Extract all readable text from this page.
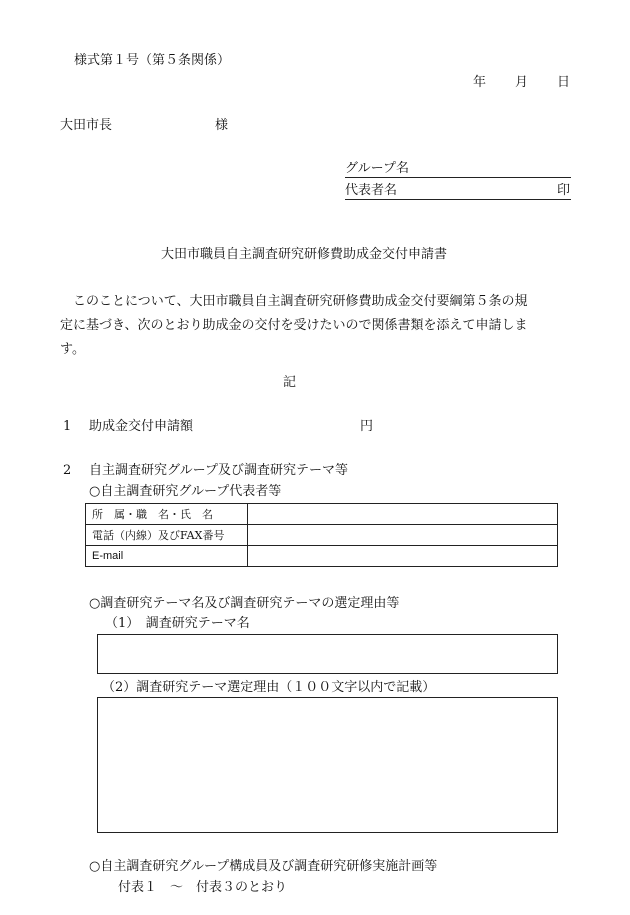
様式第１号（第５条関係）
年 月 日
大田市長	様
グループ名
代表者名	印
大田市職員自主調査研究研修費助成金交付申請書
このことについて、大田市職員自主調査研究研修費助成金交付要綱第５条の規
定に基づき、次のとおり助成金の交付を受けたいので関係書類を添えて申請しま
す。
記
1 助成金交付申請額	円
2 自主調査研究グループ及び調査研究テーマ等
○自主調査研究グループ代表者等
所　属・職　名・氏　名	
電話（内線）及びFAX番号	
E-mail	
○調査研究テーマ名及び調査研究テーマの選定理由等
（1）　調査研究テーマ名
（2）調査研究テーマ選定理由（１００文字以内で記載）
○自主調査研究グループ構成員及び調査研究研修実施計画等
付表１　～　付表３のとおり
